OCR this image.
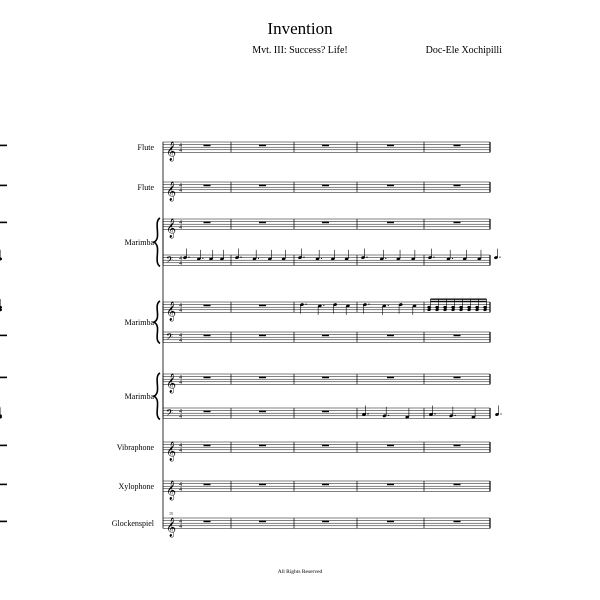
Invention
Mvt. III: Success? Life!	Doc-Ele Xochipilli
Flute
Flute
Marimba
Marimba
Marimba
Vibraphone
Xylophone
Glockenspiel
𝄞 4
4
𝄞 4
4
𝄞 4
4
𝄢 4
4
𝄞 4
4
𝄢 4
4
𝄞 4
4
𝄢 4
4
𝄞 4
4
𝄞 4
4
𝄞
15
4
4
All Rights Reserved
